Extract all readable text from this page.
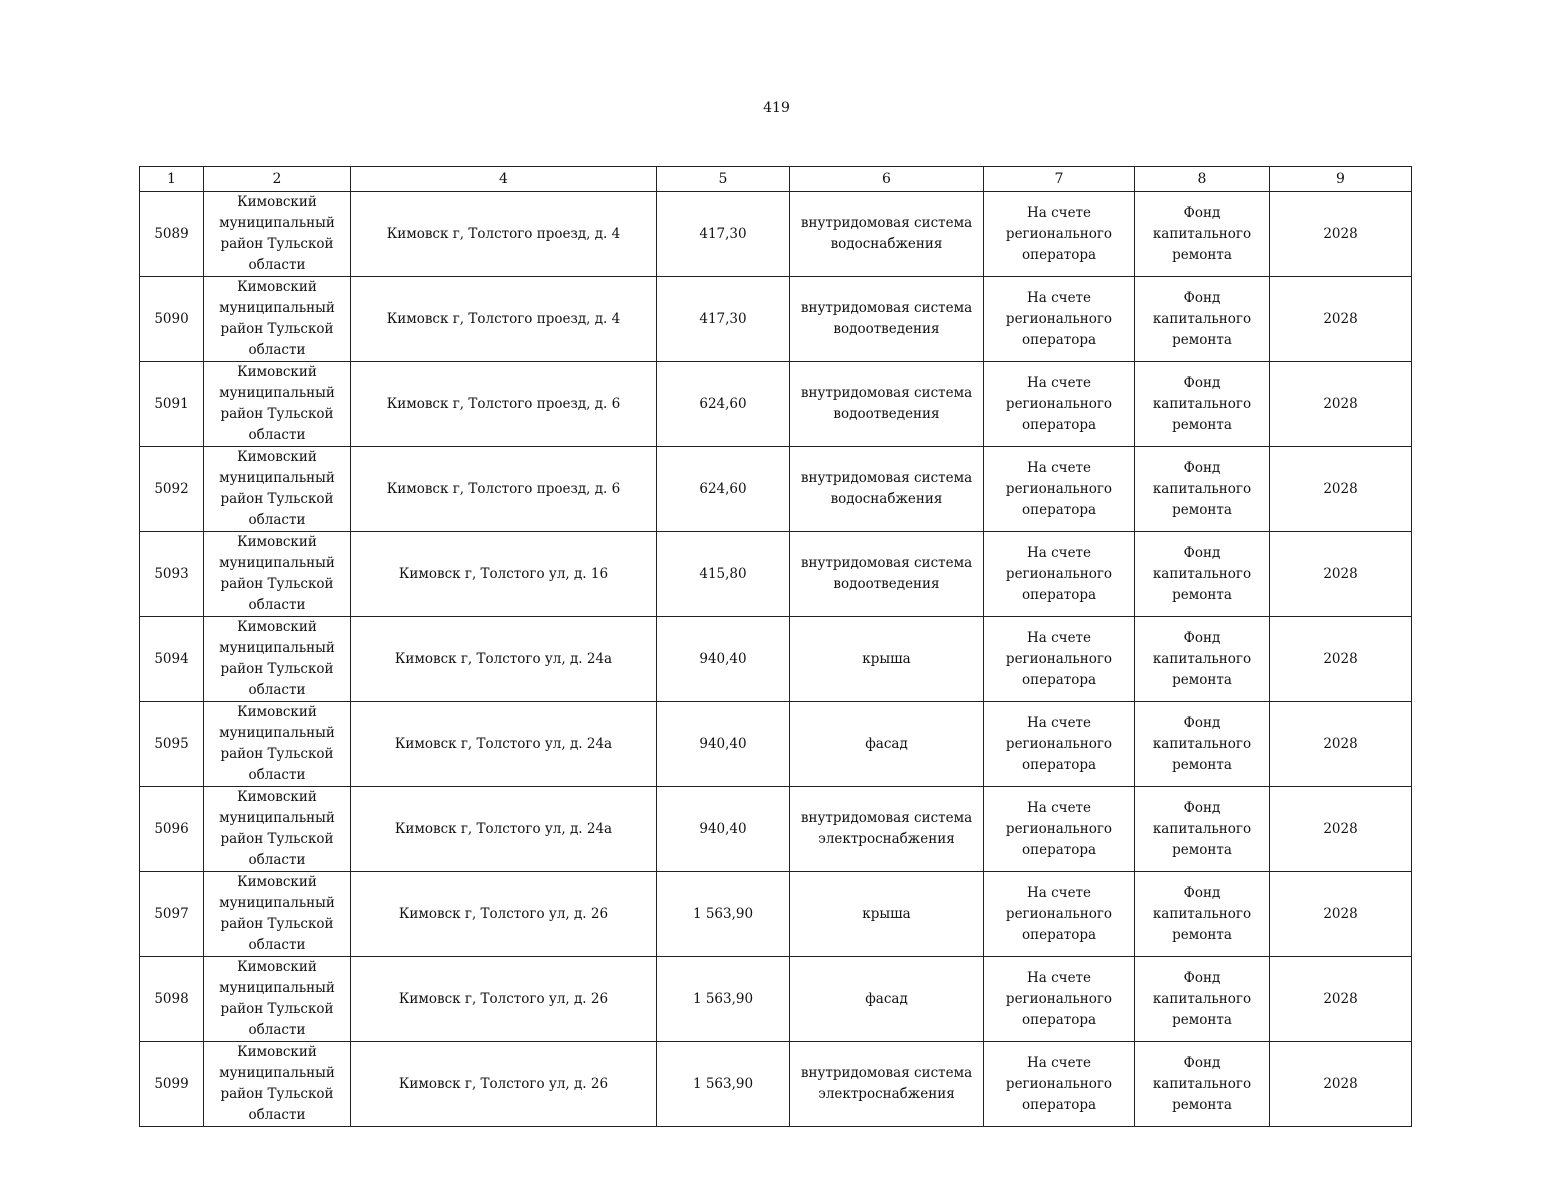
419
1	2	4	5	6	7	8	9
5089	Кимовский
муниципальный
район Тульской
области	Кимовск г, Толстого проезд, д. 4	417,30	внутридомовая система
водоснабжения	На счете
регионального
оператора	Фонд
капитального
ремонта	2028
5090	Кимовский
муниципальный
район Тульской
области	Кимовск г, Толстого проезд, д. 4	417,30	внутридомовая система
водоотведения	На счете
регионального
оператора	Фонд
капитального
ремонта	2028
5091	Кимовский
муниципальный
район Тульской
области	Кимовск г, Толстого проезд, д. 6	624,60	внутридомовая система
водоотведения	На счете
регионального
оператора	Фонд
капитального
ремонта	2028
5092	Кимовский
муниципальный
район Тульской
области	Кимовск г, Толстого проезд, д. 6	624,60	внутридомовая система
водоснабжения	На счете
регионального
оператора	Фонд
капитального
ремонта	2028
5093	Кимовский
муниципальный
район Тульской
области	Кимовск г, Толстого ул, д. 16	415,80	внутридомовая система
водоотведения	На счете
регионального
оператора	Фонд
капитального
ремонта	2028
5094	Кимовский
муниципальный
район Тульской
области	Кимовск г, Толстого ул, д. 24а	940,40	крыша	На счете
регионального
оператора	Фонд
капитального
ремонта	2028
5095	Кимовский
муниципальный
район Тульской
области	Кимовск г, Толстого ул, д. 24а	940,40	фасад	На счете
регионального
оператора	Фонд
капитального
ремонта	2028
5096	Кимовский
муниципальный
район Тульской
области	Кимовск г, Толстого ул, д. 24а	940,40	внутридомовая система
электроснабжения	На счете
регионального
оператора	Фонд
капитального
ремонта	2028
5097	Кимовский
муниципальный
район Тульской
области	Кимовск г, Толстого ул, д. 26	1 563,90	крыша	На счете
регионального
оператора	Фонд
капитального
ремонта	2028
5098	Кимовский
муниципальный
район Тульской
области	Кимовск г, Толстого ул, д. 26	1 563,90	фасад	На счете
регионального
оператора	Фонд
капитального
ремонта	2028
5099	Кимовский
муниципальный
район Тульской
области	Кимовск г, Толстого ул, д. 26	1 563,90	внутридомовая система
электроснабжения	На счете
регионального
оператора	Фонд
капитального
ремонта	2028
